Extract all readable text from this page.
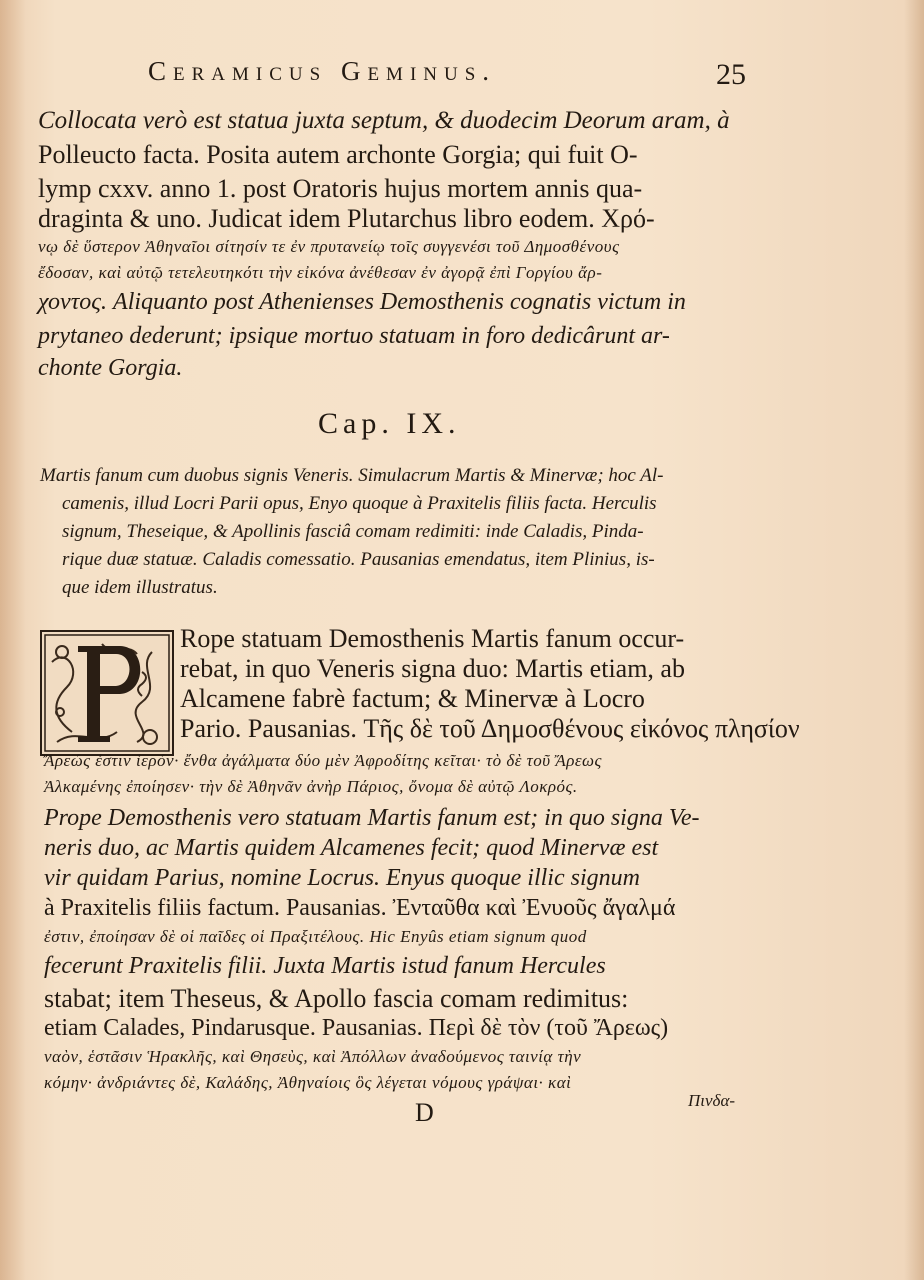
Ceramicus Geminus.	25
Collocata verò est statua juxta septum, & duodecim Deorum aram, à
Polleucto facta. Posita autem archonte Gorgia; qui fuit O-
lymp cxxv. anno 1. post Oratoris hujus mortem annis qua-
draginta & uno. Judicat idem Plutarchus libro eodem. Χρό-
νῳ δὲ ὕστερον Ἀθηναῖοι σίτησίν τε ἐν πρυτανείῳ τοῖς συγγενέσι τοῦ Δημοσθένους
ἔδοσαν, καὶ αὐτῷ τετελευτηκότι τὴν εἰκόνα ἀνέθεσαν ἐν ἀγορᾷ ἐπὶ Γοργίου ἄρ-
χοντος. Aliquanto post Athenienses Demosthenis cognatis victum in
prytaneo dederunt; ipsique mortuo statuam in foro dedicârunt ar-
chonte Gorgia.
Cap. IX.
Martis fanum cum duobus signis Veneris. Simulacrum Martis & Minervæ; hoc Al-
camenis, illud Locri Parii opus, Enyo quoque à Praxitelis filiis facta. Herculis
signum, Theseique, & Apollinis fasciâ comam redimiti: inde Caladis, Pinda-
rique duæ statuæ. Caladis comessatio. Pausanias emendatus, item Plinius, is-
que idem illustratus.
Rope statuam Demosthenis Martis fanum occur-
rebat, in quo Veneris signa duo: Martis etiam, ab
Alcamene fabrè factum; & Minervæ à Locro
Pario. Pausanias. Τῆς δὲ τοῦ Δημοσθένους εἰκόνος πλησίον
Ἄρεώς ἐστιν ἱερόν· ἔνθα ἀγάλματα δύο μὲν Ἀφροδίτης κεῖται· τὸ δὲ τοῦ Ἄρεως
Ἀλκαμένης ἐποίησεν· τὴν δὲ Ἀθηνᾶν ἀνὴρ Πάριος, ὄνομα δὲ αὐτῷ Λοκρός.
Prope Demosthenis vero statuam Martis fanum est; in quo signa Ve-
neris duo, ac Martis quidem Alcamenes fecit; quod Minervæ est
vir quidam Parius, nomine Locrus. Enyus quoque illic signum
à Praxitelis filiis factum. Pausanias. Ἐνταῦθα καὶ Ἐνυοῦς ἄγαλμά
ἐστιν, ἐποίησαν δὲ οἱ παῖδες οἱ Πραξιτέλους. Hic Enyûs etiam signum quod
fecerunt Praxitelis filii. Juxta Martis istud fanum Hercules
stabat; item Theseus, & Apollo fascia comam redimitus:
etiam Calades, Pindarusque. Pausanias. Περὶ δὲ τὸν (τοῦ Ἄρεως)
ναὸν, ἑστᾶσιν Ἡρακλῆς, καὶ Θησεὺς, καὶ Ἀπόλλων ἀναδούμενος ταινίᾳ τὴν
κόμην· ἀνδριάντες δὲ, Καλάδης, Ἀθηναίοις ὃς λέγεται νόμους γράψαι· καὶ
D	Πινδα-
